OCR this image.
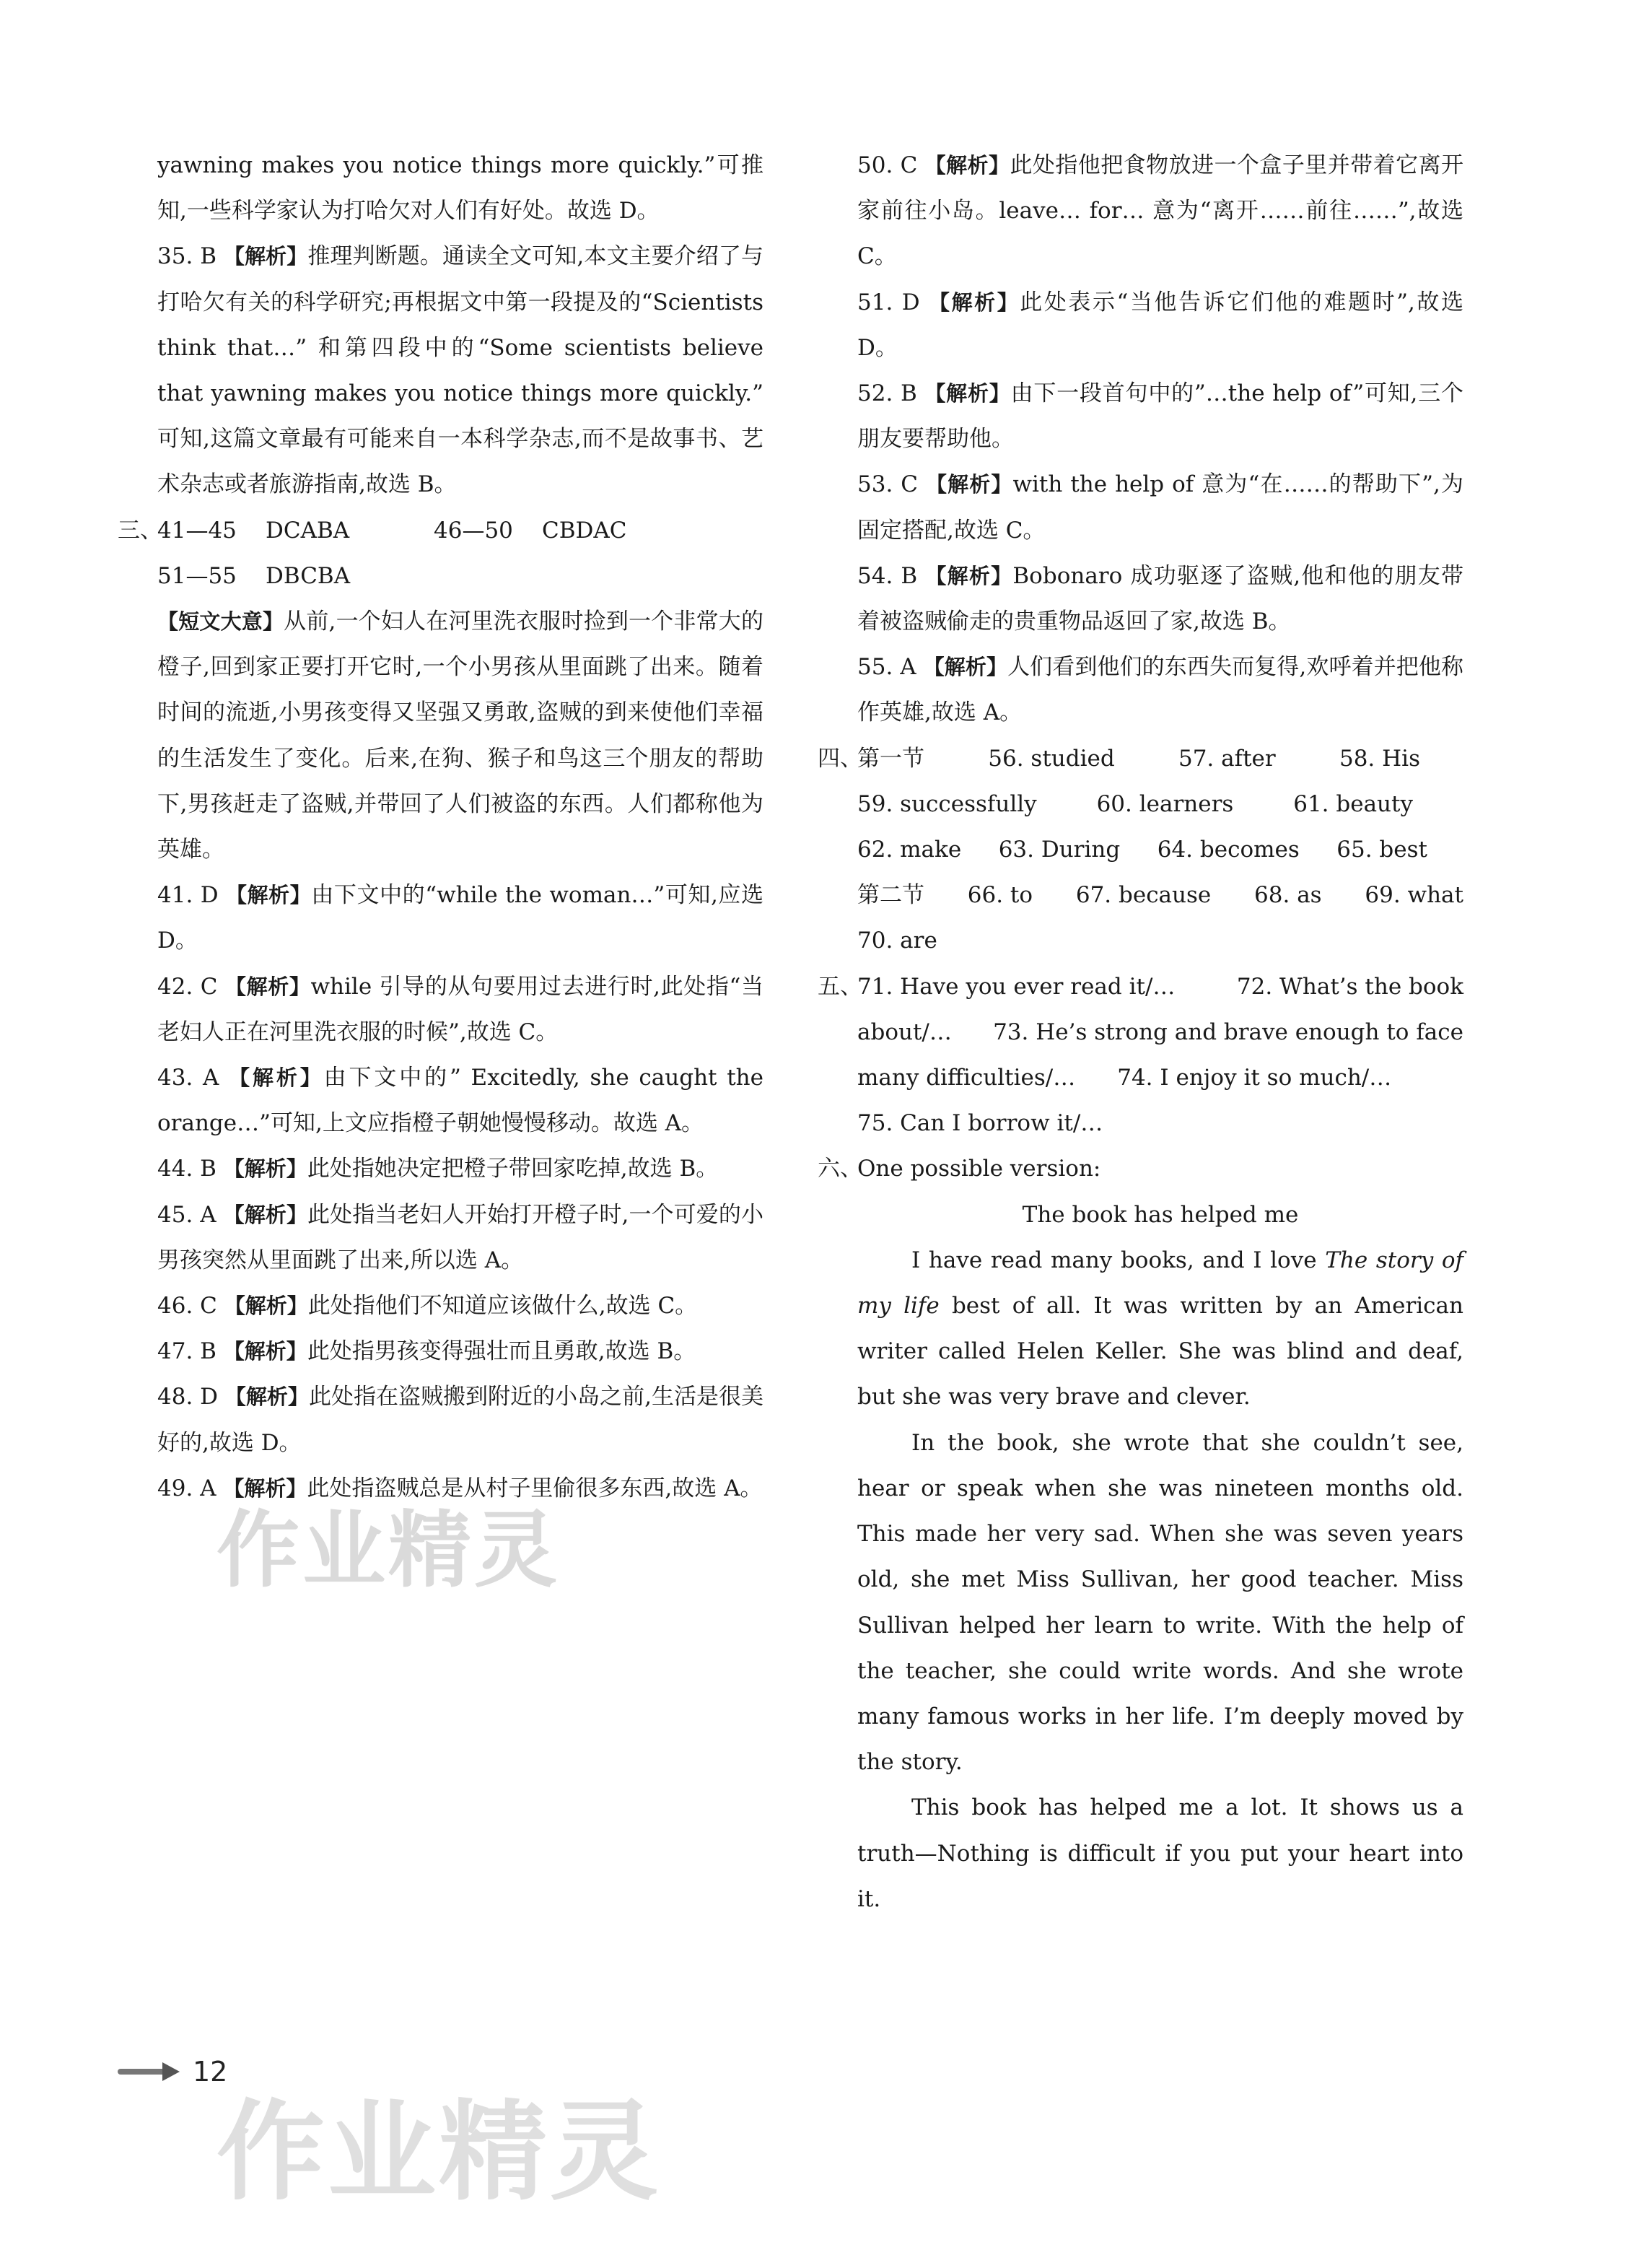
yawning makes you notice things more quickly.”可推知,一些科学家认为打哈欠对人们有好处。故选 D。

35. B 【解析】推理判断题。通读全文可知,本文主要介绍了与打哈欠有关的科学研究;再根据文中第一段提及的“Scientists think that…” 和第四段中的“Some scientists believe that yawning makes you notice things more quickly.” 可知,这篇文章最有可能来自一本科学杂志,而不是故事书、艺术杂志或者旅游指南,故选 B。

三、
41—45	DCABA	46—50	CBDAC
51—55	DBCBA

【短文大意】从前,一个妇人在河里洗衣服时捡到一个非常大的橙子,回到家正要打开它时,一个小男孩从里面跳了出来。随着时间的流逝,小男孩变得又坚强又勇敢,盗贼的到来使他们幸福的生活发生了变化。后来,在狗、猴子和鸟这三个朋友的帮助下,男孩赶走了盗贼,并带回了人们被盗的东西。人们都称他为英雄。

41. D 【解析】由下文中的“while the woman…”可知,应选 D。

42. C 【解析】while 引导的从句要用过去进行时,此处指“当老妇人正在河里洗衣服的时候”,故选 C。

43. A 【解析】由下文中的” Excitedly, she caught the orange…”可知,上文应指橙子朝她慢慢移动。故选 A。

44. B 【解析】此处指她决定把橙子带回家吃掉,故选 B。

45. A 【解析】此处指当老妇人开始打开橙子时,一个可爱的小男孩突然从里面跳了出来,所以选 A。

46. C 【解析】此处指他们不知道应该做什么,故选 C。

47. B 【解析】此处指男孩变得强壮而且勇敢,故选 B。

48. D 【解析】此处指在盗贼搬到附近的小岛之前,生活是很美好的,故选 D。

49. A 【解析】此处指盗贼总是从村子里偷很多东西,故选 A。

50. C 【解析】此处指他把食物放进一个盒子里并带着它离开家前往小岛。leave… for… 意为“离开……前往……”,故选 C。

51. D 【解析】此处表示“当他告诉它们他的难题时”,故选 D。

52. B 【解析】由下一段首句中的”…the help of”可知,三个朋友要帮助他。

53. C 【解析】with the help of 意为“在……的帮助下”,为固定搭配,故选 C。

54. B 【解析】Bobonaro 成功驱逐了盗贼,他和他的朋友带着被盗贼偷走的贵重物品返回了家,故选 B。

55. A 【解析】人们看到他们的东西失而复得,欢呼着并把他称作英雄,故选 A。

四、
第一节	56. studied	57. after	58. His
59. successfully	60. learners	61. beauty
62. make 63. During 64. becomes 65. best
第二节 66. to 67. because 68. as 69. what
70. are
五、
71. Have you ever read it/…	72. What’s the book
about/… 73. He’s strong and brave enough to face
many difficulties/… 74. I enjoy it so much/…
75. Can I borrow it/…
六、

One possible version:

The book has helped me

I have read many books, and I love The story of my life best of all. It was written by an American writer called Helen Keller. She was blind and deaf, but she was very brave and clever.

In the book, she wrote that she couldn’t see, hear or speak when she was nineteen months old. This made her very sad. When she was seven years old, she met Miss Sullivan, her good teacher. Miss Sullivan helped her learn to write. With the help of the teacher, she could write words. And she wrote many famous works in her life. I’m deeply moved by the story.

This book has helped me a lot. It shows us a truth—Nothing is difficult if you put your heart into it.

作业精灵
12
作业精灵
